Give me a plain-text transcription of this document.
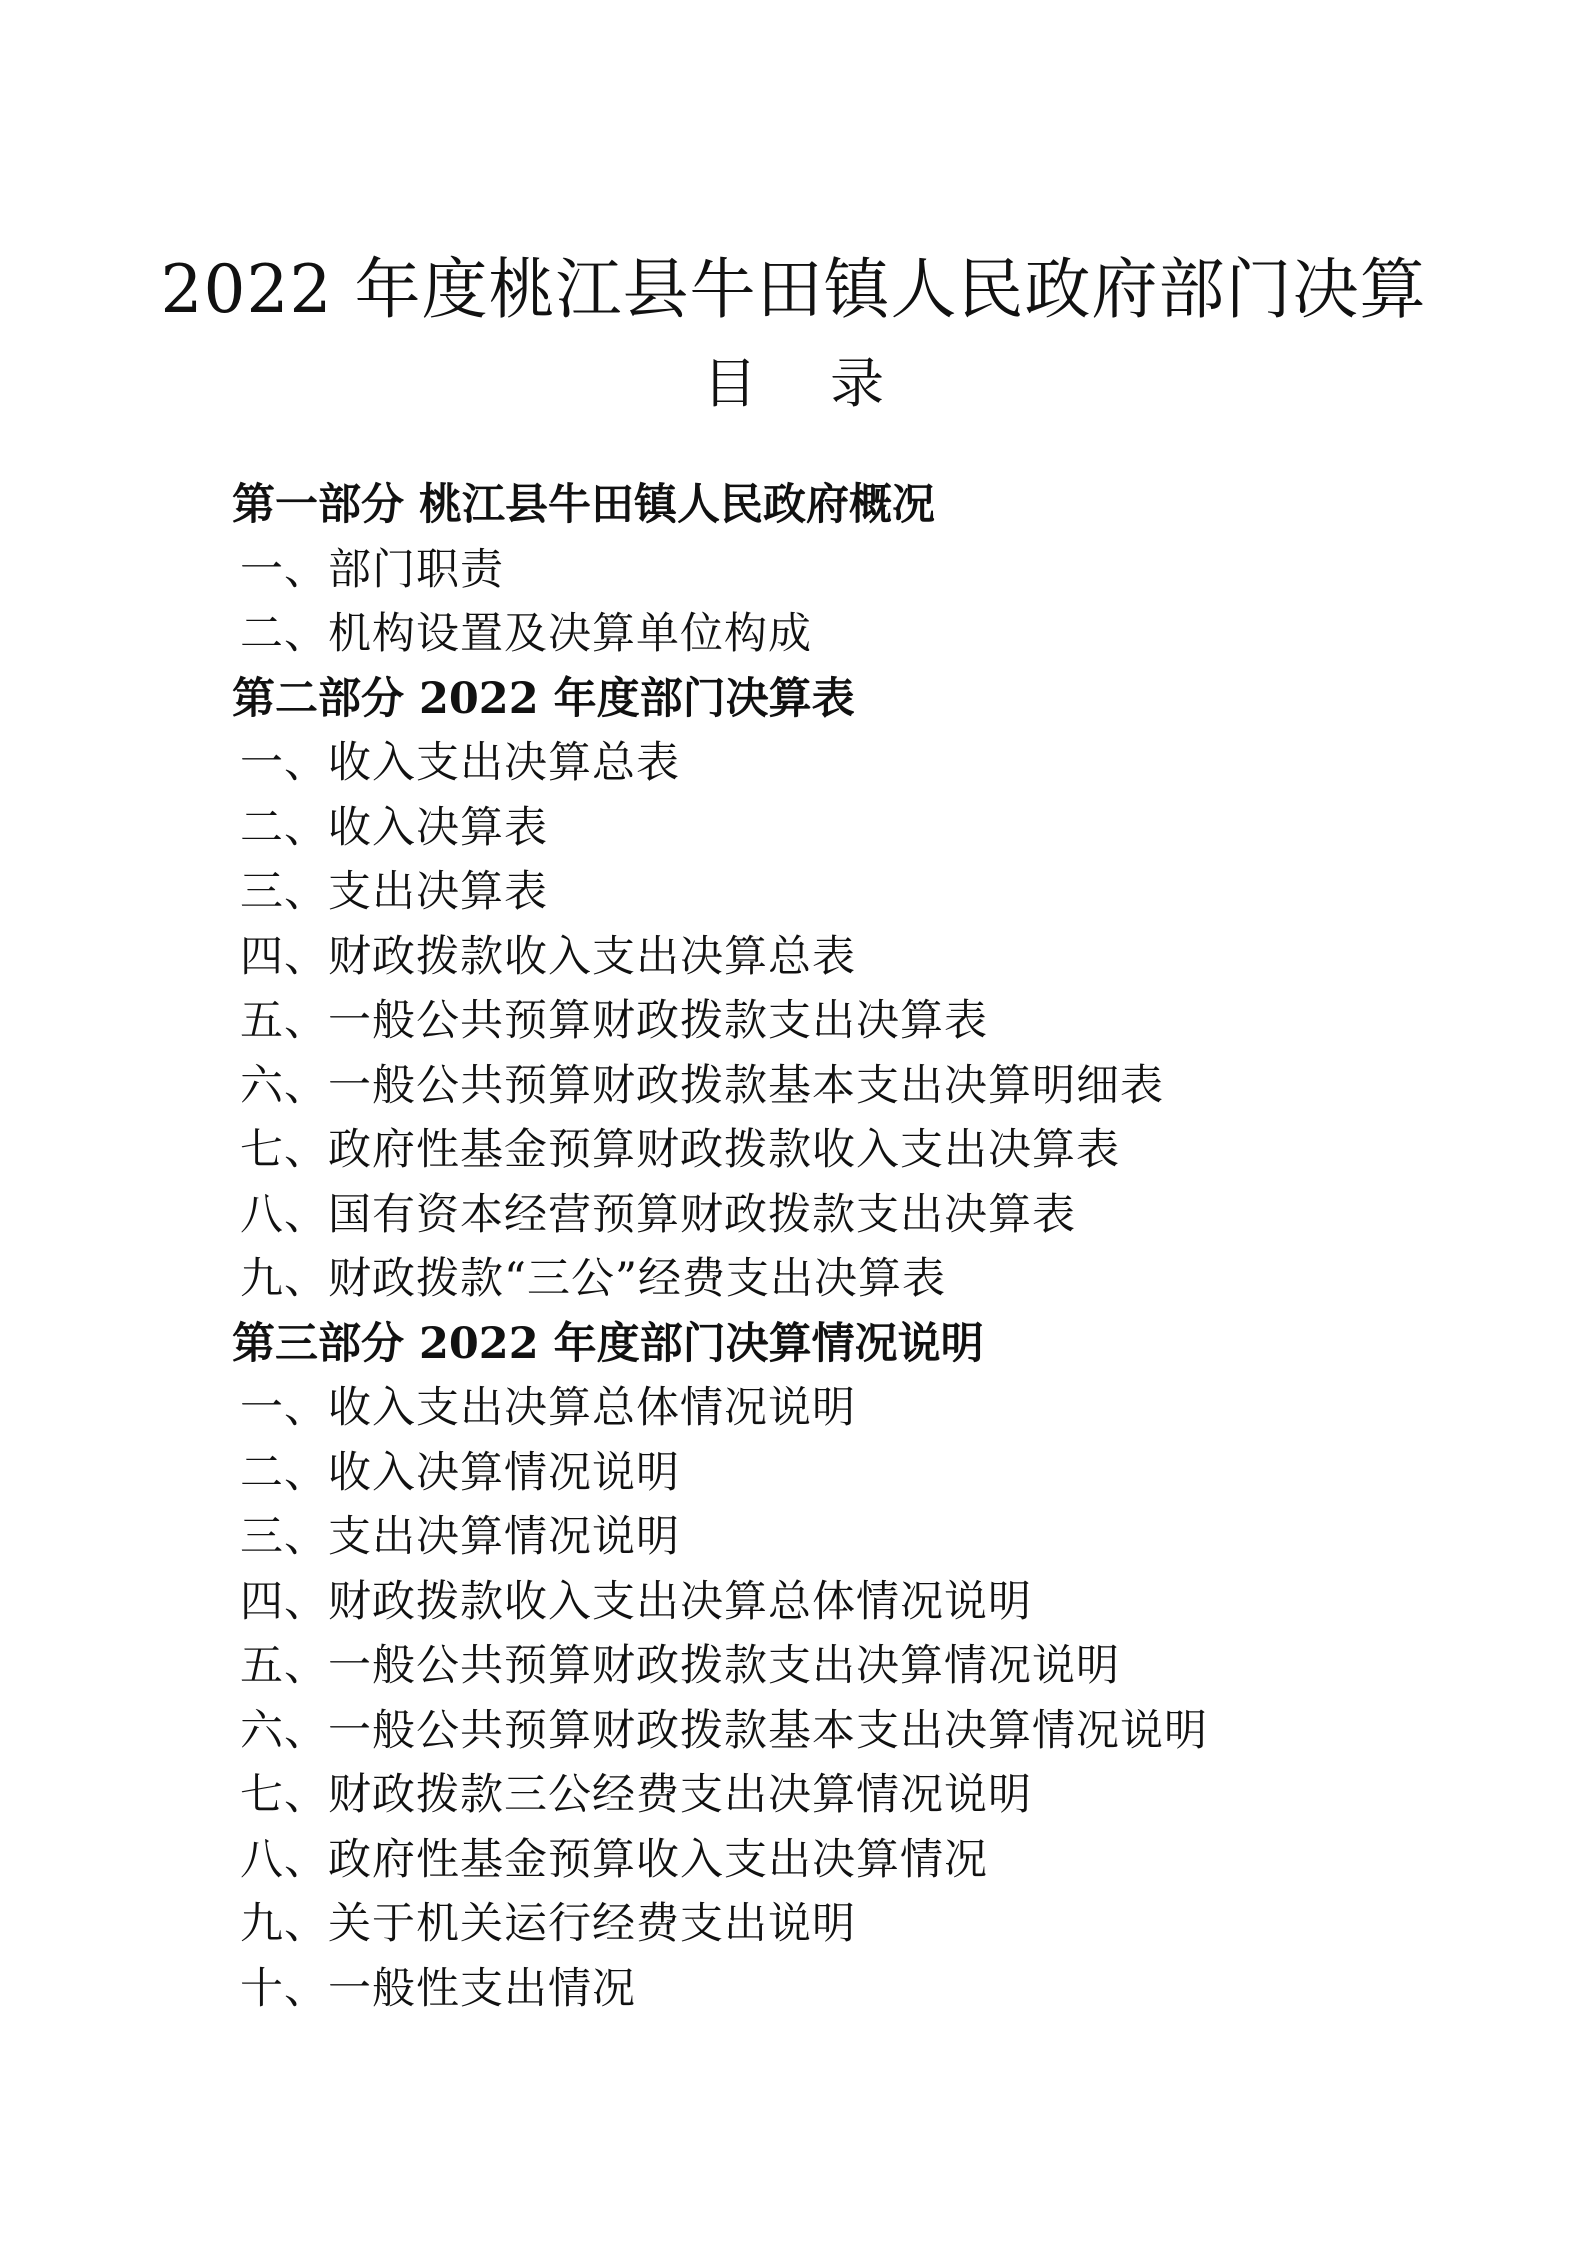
2022 年度桃江县牛田镇人民政府部门决算
目 录
第一部分 桃江县牛田镇人民政府概况
一、部门职责
二、机构设置及决算单位构成
第二部分 2022 年度部门决算表
一、收入支出决算总表
二、收入决算表
三、支出决算表
四、财政拨款收入支出决算总表
五、一般公共预算财政拨款支出决算表
六、一般公共预算财政拨款基本支出决算明细表
七、政府性基金预算财政拨款收入支出决算表
八、国有资本经营预算财政拨款支出决算表
九、财政拨款“三公”经费支出决算表
第三部分 2022 年度部门决算情况说明
一、收入支出决算总体情况说明
二、收入决算情况说明
三、支出决算情况说明
四、财政拨款收入支出决算总体情况说明
五、一般公共预算财政拨款支出决算情况说明
六、一般公共预算财政拨款基本支出决算情况说明
七、财政拨款三公经费支出决算情况说明
八、政府性基金预算收入支出决算情况
九、关于机关运行经费支出说明
十、一般性支出情况
